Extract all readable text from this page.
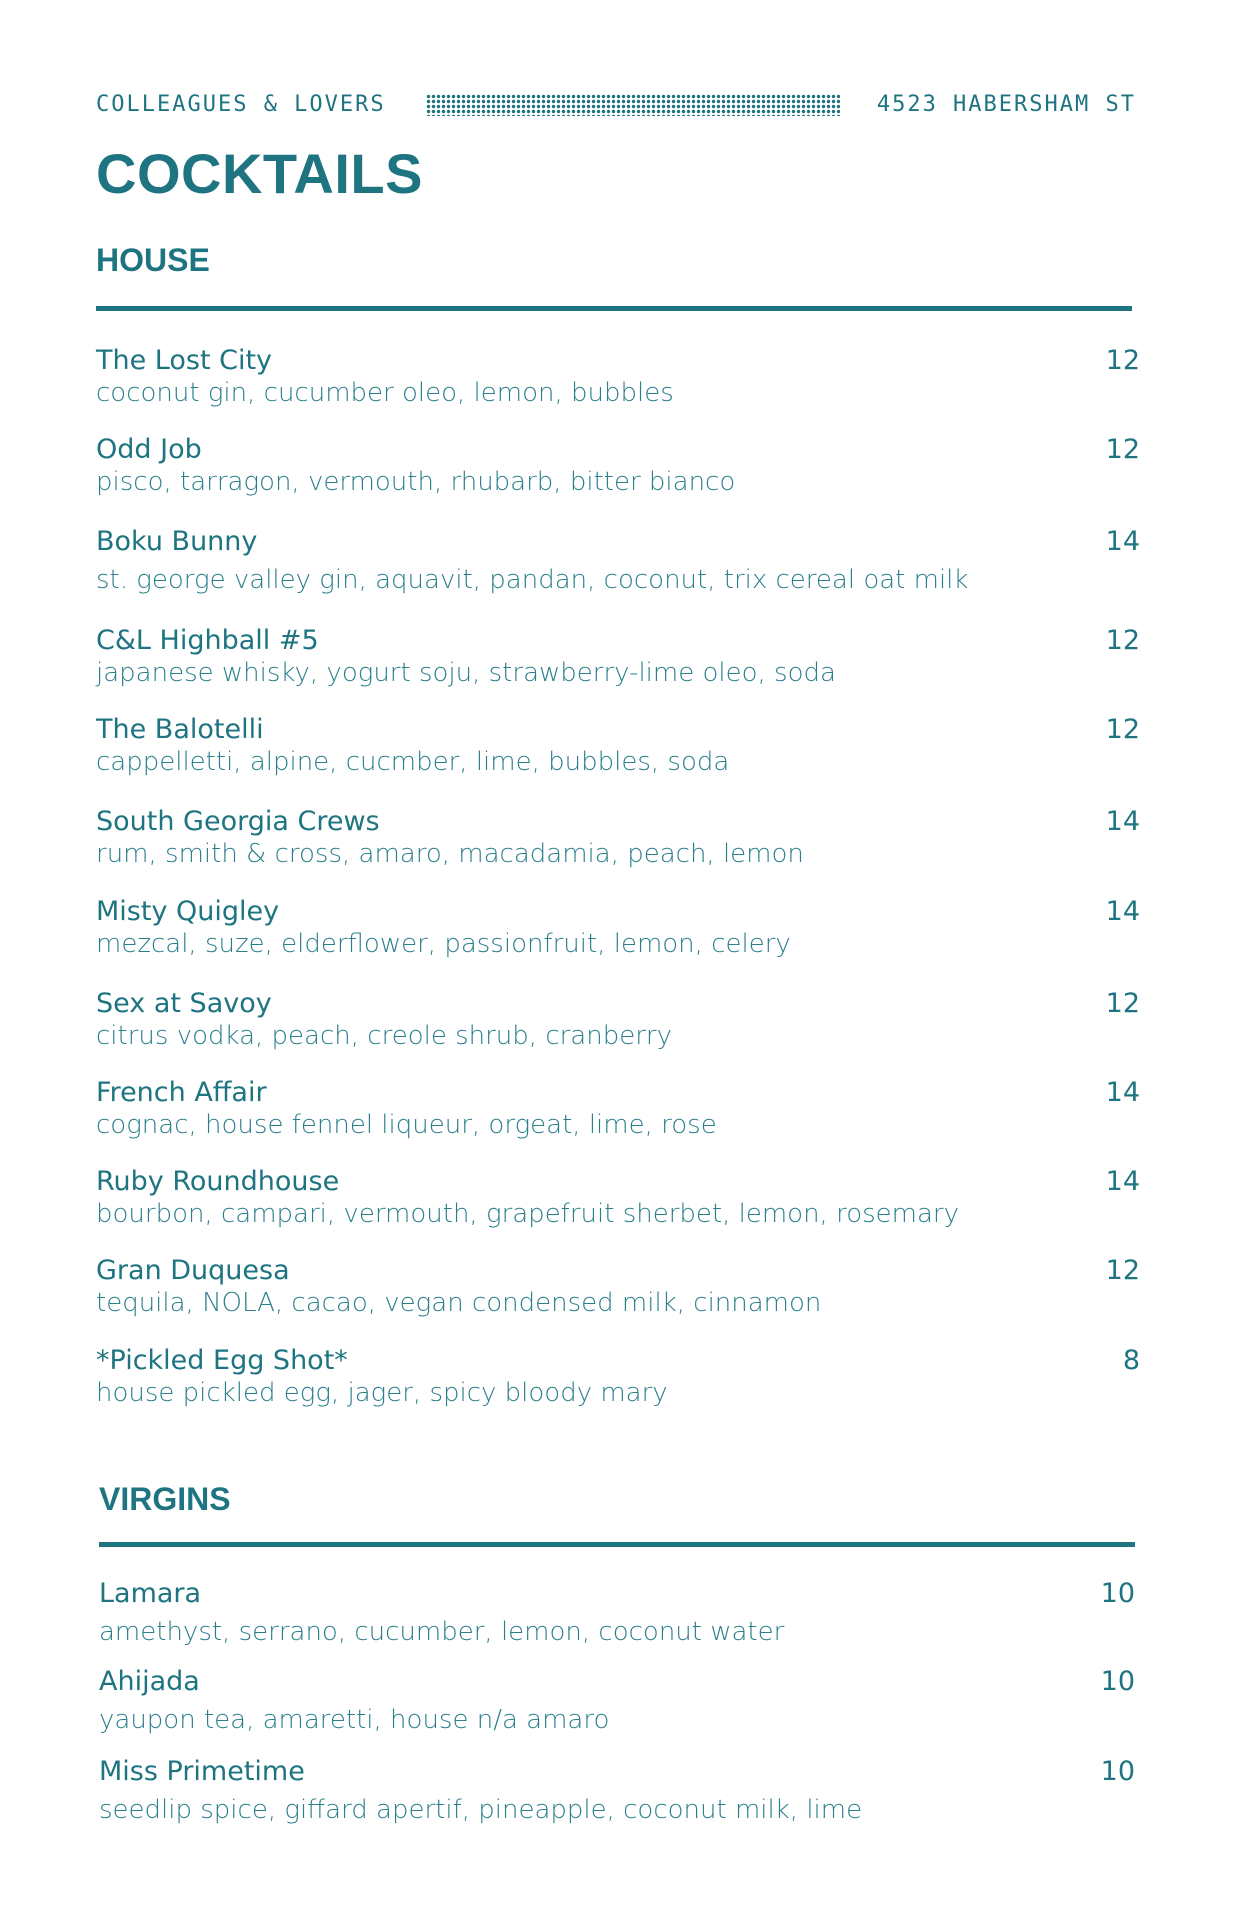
COLLEAGUES & LOVERS	4523 HABERSHAM ST
COCKTAILS
HOUSE
The Lost City
coconut gin, cucumber oleo, lemon, bubbles
12
Odd Job
pisco, tarragon, vermouth, rhubarb, bitter bianco
12
Boku Bunny
st. george valley gin, aquavit, pandan, coconut, trix cereal oat milk
14
C&L Highball #5
japanese whisky, yogurt soju, strawberry-lime oleo, soda
12
The Balotelli
cappelletti, alpine, cucmber, lime, bubbles, soda
12
South Georgia Crews
rum, smith & cross, amaro, macadamia, peach, lemon
14
Misty Quigley
mezcal, suze, elderflower, passionfruit, lemon, celery
14
Sex at Savoy
citrus vodka, peach, creole shrub, cranberry
12
French Affair
cognac, house fennel liqueur, orgeat, lime, rose
14
Ruby Roundhouse
bourbon, campari, vermouth, grapefruit sherbet, lemon, rosemary
14
Gran Duquesa
tequila, NOLA, cacao, vegan condensed milk, cinnamon
12
*Pickled Egg Shot*
house pickled egg, jager, spicy bloody mary
8
VIRGINS
Lamara
amethyst, serrano, cucumber, lemon, coconut water
10
Ahijada
yaupon tea, amaretti, house n/a amaro
10
Miss Primetime
seedlip spice, giffard apertif, pineapple, coconut milk, lime
10
